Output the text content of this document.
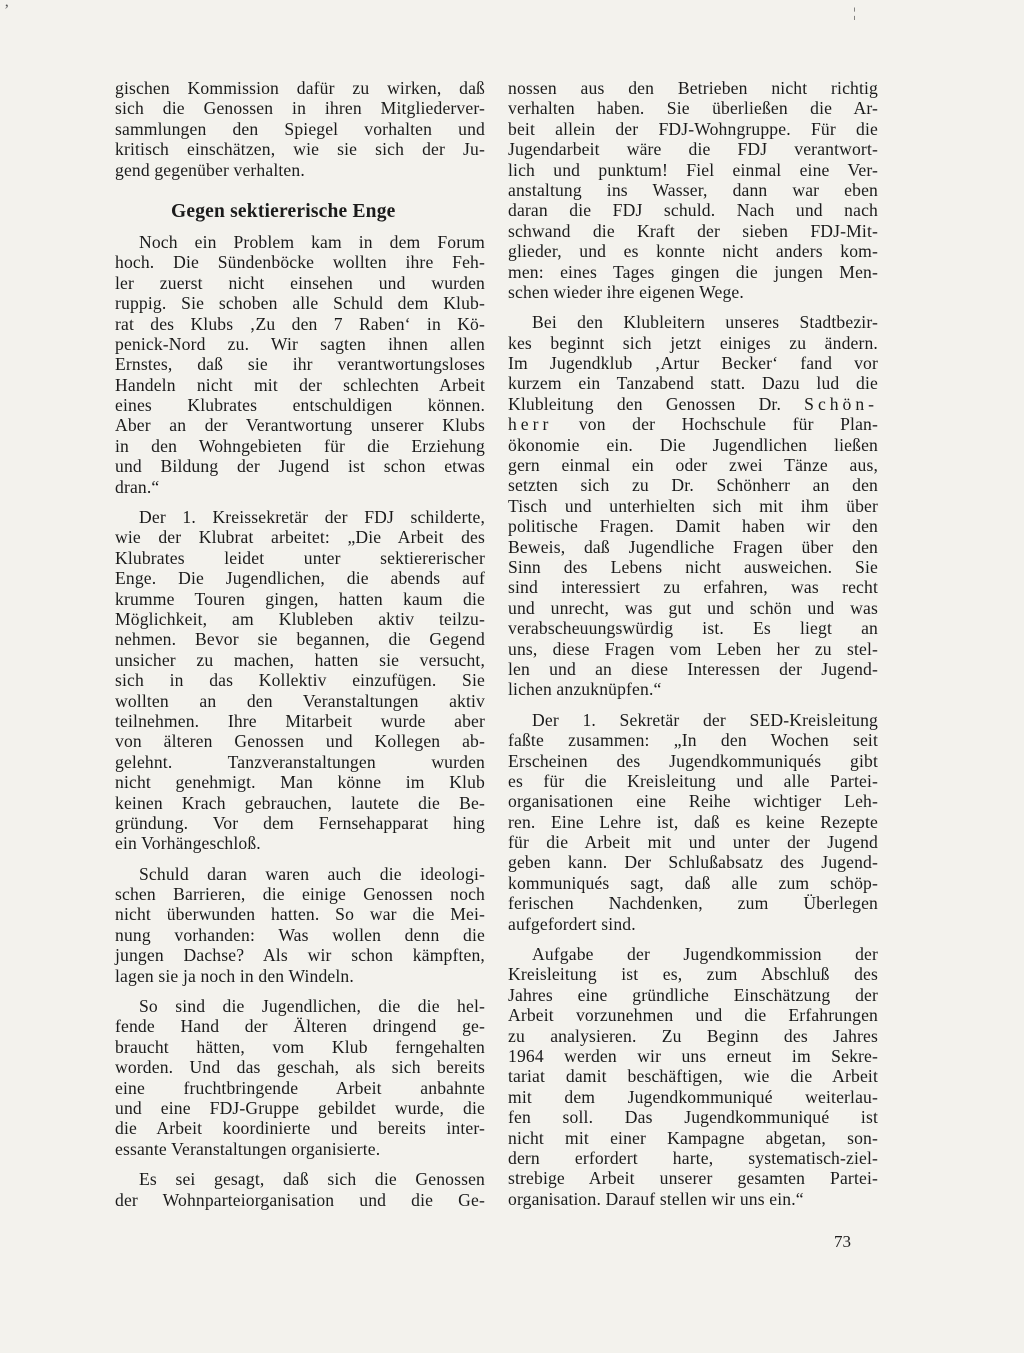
ʼ	¦
gischen Kommission dafür zu wirken, daß
sich die Genossen in ihren Mitgliederver-
sammlungen den Spiegel vorhalten und
kritisch einschätzen, wie sie sich der Ju-
gend gegenüber verhalten.
Gegen sektiererische Enge
Noch ein Problem kam in dem Forum
hoch. Die Sündenböcke wollten ihre Feh-
ler zuerst nicht einsehen und wurden
ruppig. Sie schoben alle Schuld dem Klub-
rat des Klubs ‚Zu den 7 Raben‘ in Kö-
penick-Nord zu. Wir sagten ihnen allen
Ernstes, daß sie ihr verantwortungsloses
Handeln nicht mit der schlechten Arbeit
eines Klubrates entschuldigen können.
Aber an der Verantwortung unserer Klubs
in den Wohngebieten für die Erziehung
und Bildung der Jugend ist schon etwas
dran.“
Der 1. Kreissekretär der FDJ schilderte,
wie der Klubrat arbeitet: „Die Arbeit des
Klubrates leidet unter sektiererischer
Enge. Die Jugendlichen, die abends auf
krumme Touren gingen, hatten kaum die
Möglichkeit, am Klubleben aktiv teilzu-
nehmen. Bevor sie begannen, die Gegend
unsicher zu machen, hatten sie versucht,
sich in das Kollektiv einzufügen. Sie
wollten an den Veranstaltungen aktiv
teilnehmen. Ihre Mitarbeit wurde aber
von älteren Genossen und Kollegen ab-
gelehnt. Tanzveranstaltungen wurden
nicht genehmigt. Man könne im Klub
keinen Krach gebrauchen, lautete die Be-
gründung. Vor dem Fernsehapparat hing
ein Vorhängeschloß.
Schuld daran waren auch die ideologi-
schen Barrieren, die einige Genossen noch
nicht überwunden hatten. So war die Mei-
nung vorhanden: Was wollen denn die
jungen Dachse? Als wir schon kämpften,
lagen sie ja noch in den Windeln.
So sind die Jugendlichen, die die hel-
fende Hand der Älteren dringend ge-
braucht hätten, vom Klub ferngehalten
worden. Und das geschah, als sich bereits
eine fruchtbringende Arbeit anbahnte
und eine FDJ-Gruppe gebildet wurde, die
die Arbeit koordinierte und bereits inter-
essante Veranstaltungen organisierte.
Es sei gesagt, daß sich die Genossen
der Wohnparteiorganisation und die Ge-
nossen aus den Betrieben nicht richtig
verhalten haben. Sie überließen die Ar-
beit allein der FDJ-Wohngruppe. Für die
Jugendarbeit wäre die FDJ verantwort-
lich und punktum! Fiel einmal eine Ver-
anstaltung ins Wasser, dann war eben
daran die FDJ schuld. Nach und nach
schwand die Kraft der sieben FDJ-Mit-
glieder, und es konnte nicht anders kom-
men: eines Tages gingen die jungen Men-
schen wieder ihre eigenen Wege.
Bei den Klubleitern unseres Stadtbezir-
kes beginnt sich jetzt einiges zu ändern.
Im Jugendklub ‚Artur Becker‘ fand vor
kurzem ein Tanzabend statt. Dazu lud die
Klubleitung den Genossen Dr. Schön-
herr von der Hochschule für Plan-
ökonomie ein. Die Jugendlichen ließen
gern einmal ein oder zwei Tänze aus,
setzten sich zu Dr. Schönherr an den
Tisch und unterhielten sich mit ihm über
politische Fragen. Damit haben wir den
Beweis, daß Jugendliche Fragen über den
Sinn des Lebens nicht ausweichen. Sie
sind interessiert zu erfahren, was recht
und unrecht, was gut und schön und was
verabscheuungswürdig ist. Es liegt an
uns, diese Fragen vom Leben her zu stel-
len und an diese Interessen der Jugend-
lichen anzuknüpfen.“
Der 1. Sekretär der SED-Kreisleitung
faßte zusammen: „In den Wochen seit
Erscheinen des Jugendkommuniqués gibt
es für die Kreisleitung und alle Partei-
organisationen eine Reihe wichtiger Leh-
ren. Eine Lehre ist, daß es keine Rezepte
für die Arbeit mit und unter der Jugend
geben kann. Der Schlußabsatz des Jugend-
kommuniqués sagt, daß alle zum schöp-
ferischen Nachdenken, zum Überlegen
aufgefordert sind.
Aufgabe der Jugendkommission der
Kreisleitung ist es, zum Abschluß des
Jahres eine gründliche Einschätzung der
Arbeit vorzunehmen und die Erfahrungen
zu analysieren. Zu Beginn des Jahres
1964 werden wir uns erneut im Sekre-
tariat damit beschäftigen, wie die Arbeit
mit dem Jugendkommuniqué weiterlau-
fen soll. Das Jugendkommuniqué ist
nicht mit einer Kampagne abgetan, son-
dern erfordert harte, systematisch-ziel-
strebige Arbeit unserer gesamten Partei-
organisation. Darauf stellen wir uns ein.“
73
